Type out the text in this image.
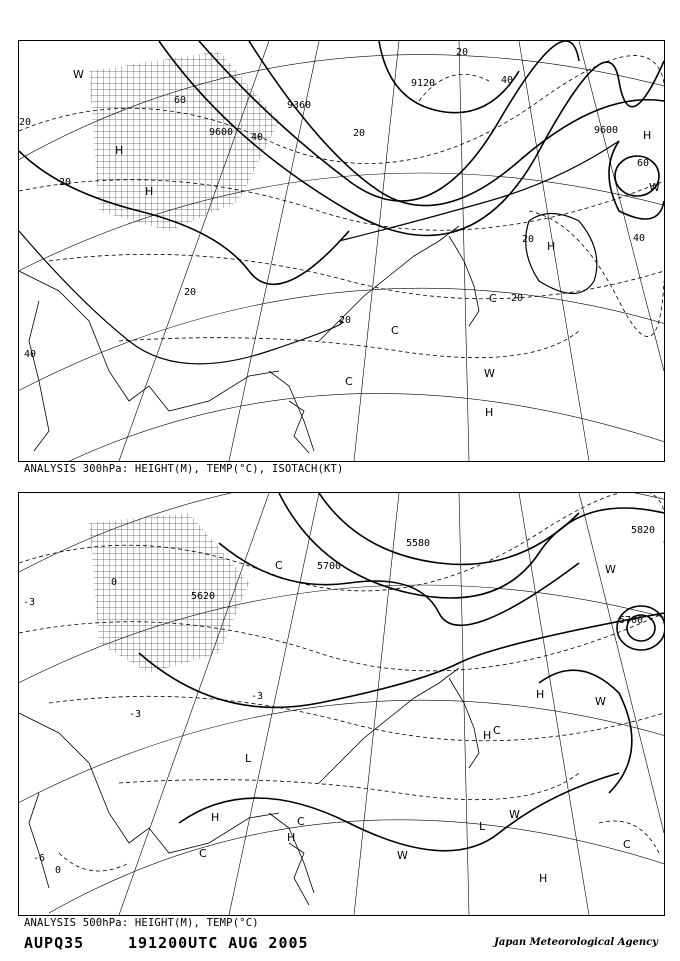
9120
9360
9600	9600
20
40
60
20
40
60
20
40
40
20
20
20
20
20
H
H
H
H
W
W
C
C
W
H
C
ANALYSIS 300hPa: HEIGHT(M), TEMP(°C), ISOTACH(KT)
5580
5620
5700
5700
5820
0
-3
-3
-6
-3
0
C
L
H
H
H
W
W
L
W
C
H
C
W
H
C
C
ANALYSIS 500hPa: HEIGHT(M), TEMP(°C)
AUPQ35	191200UTC AUG 2005	Japan Meteorological Agency
